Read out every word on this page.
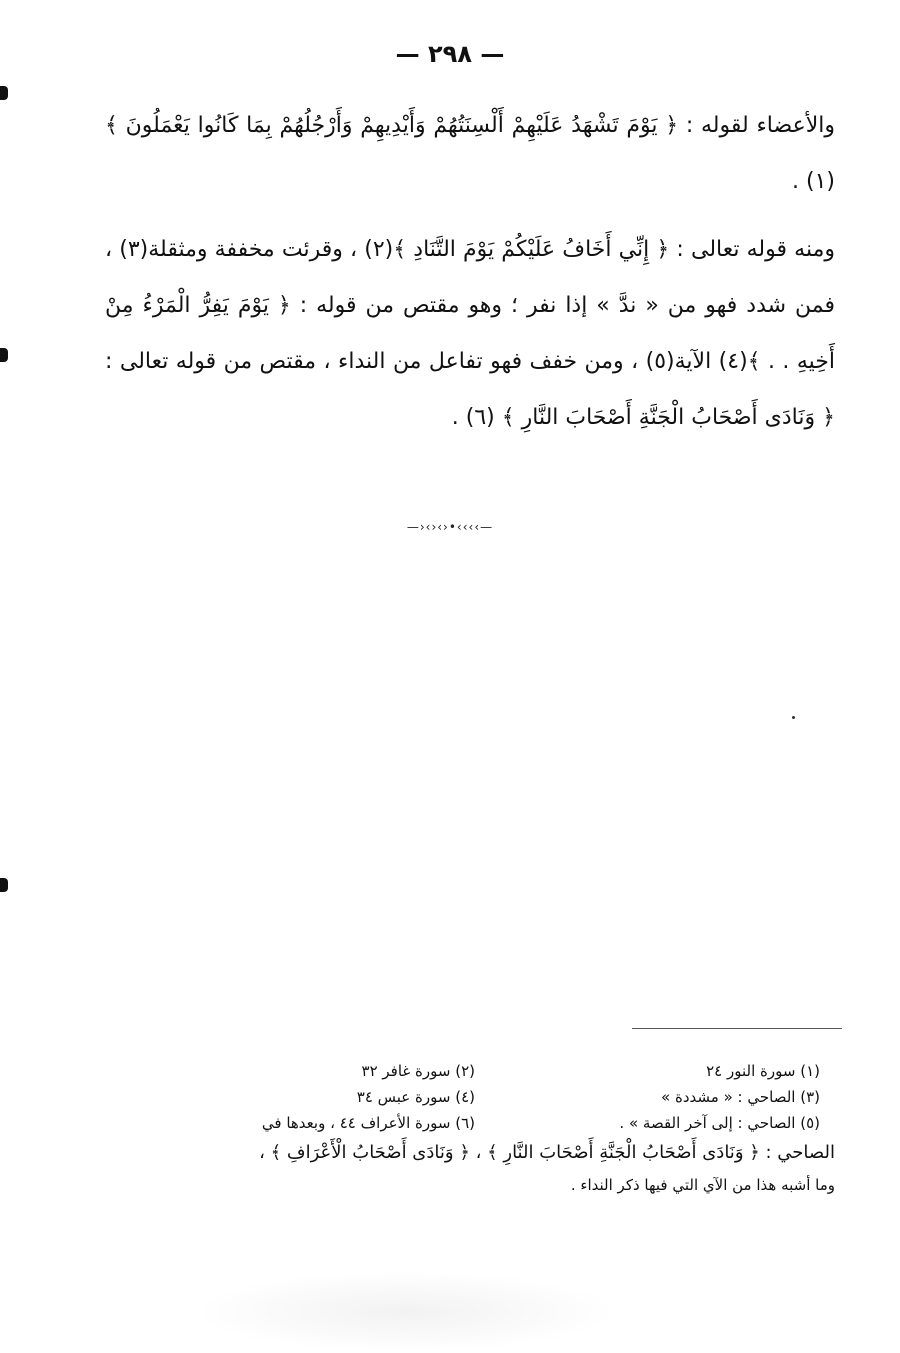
— ٢٩٨ —

والأعضاء لقوله : ﴿ يَوْمَ تَشْهَدُ عَلَيْهِمْ أَلْسِنَتُهُمْ وَأَيْدِيهِمْ وَأَرْجُلُهُمْ بِمَا كَانُوا يَعْمَلُونَ ﴾ (١) .

ومنه قوله تعالى : ﴿ إِنِّي أَخَافُ عَلَيْكُمْ يَوْمَ التَّنَادِ ﴾(٢) ، وقرئت مخففة ومثقلة(٣) ، فمن شدد فهو من « ندَّ » إذا نفر ؛ وهو مقتص من قوله : ﴿ يَوْمَ يَفِرُّ الْمَرْءُ مِنْ أَخِيهِ . . ﴾(٤) الآية(٥) ، ومن خفف فهو تفاعل من النداء ، مقتص من قوله تعالى : ﴿ وَنَادَى أَصْحَابُ الْجَنَّةِ أَصْحَابَ النَّارِ ﴾ (٦) .

—›‹›‹›•‹‹‹‹—
(١) سورة النور ٢٤
(٢) سورة غافر ٣٢
(٣) الصاحي : « مشددة »
(٤) سورة عبس ٣٤
(٥) الصاحي : إلى آخر القصة » .
(٦) سورة الأعراف ٤٤ ، وبعدها في
الصاحي : ﴿ وَنَادَى أَصْحَابُ الْجَنَّةِ أَصْحَابَ النَّارِ ﴾ ، ﴿ وَنَادَى أَصْحَابُ الْأَعْرَافِ ﴾ ،
وما أشبه هذا من الآي التي فيها ذكر النداء .
